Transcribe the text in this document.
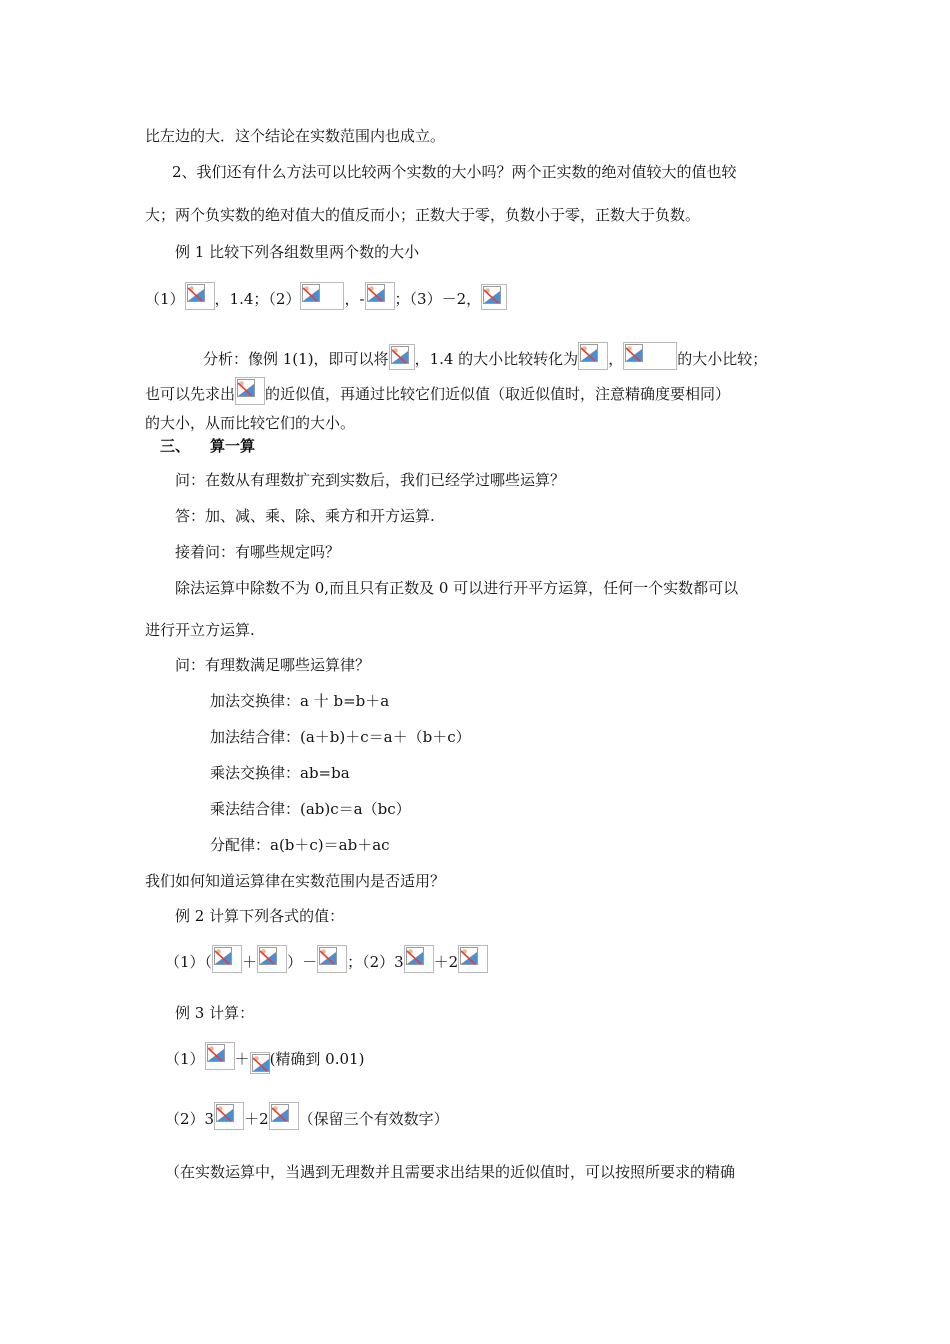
比左边的大．这个结论在实数范围内也成立。
2、我们还有什么方法可以比较两个实数的大小吗？两个正实数的绝对值较大的值也较
大；两个负实数的绝对值大的值反而小；正数大于零，负数小于零，正数大于负数。
例 1 比较下列各组数里两个数的大小
（1） ，1.4；（2）	，- ；（3）－2，
分析：像例 1(1)，即可以将 ，1.4 的大小比较转化为 ，	的大小比较；
也可以先求出 的近似值，再通过比较它们近似值（取近似值时，注意精确度要相同）
的大小，从而比较它们的大小。
三、 算一算
问：在数从有理数扩充到实数后，我们已经学过哪些运算？
答：加、减、乘、除、乘方和开方运算.
接着问：有哪些规定吗？
除法运算中除数不为 0,而且只有正数及 0 可以进行开平方运算，任何一个实数都可以
进行开立方运算.
问：有理数满足哪些运算律？
加法交换律：a 十 b=b＋a
加法结合律：(a＋b)＋c＝a＋（b＋c）
乘法交换律：ab=ba
乘法结合律：(ab)c＝a（bc）
分配律：a(b＋c)＝ab＋ac
我们如何知道运算律在实数范围内是否适用？
例 2 计算下列各式的值：
（1）（ ＋ ）－ ；（2）3 ＋2
例 3 计算：
（1） ＋ (精确到 0.01)
（2）3 ＋2 （保留三个有效数字）
（在实数运算中，当遇到无理数并且需要求出结果的近似值时，可以按照所要求的精确
